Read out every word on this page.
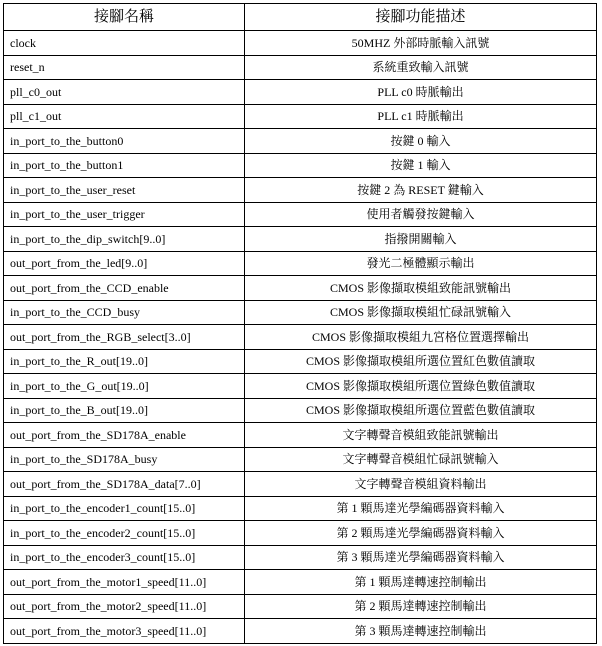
接腳名稱	接腳功能描述
clock	50MHZ 外部時脈輸入訊號
reset_n	系統重致輸入訊號
pll_c0_out	PLL c0 時脈輸出
pll_c1_out	PLL c1 時脈輸出
in_port_to_the_button0	按鍵 0 輸入
in_port_to_the_button1	按鍵 1 輸入
in_port_to_the_user_reset	按鍵 2 為 RESET 鍵輸入
in_port_to_the_user_trigger	使用者觸發按鍵輸入
in_port_to_the_dip_switch[9..0]	指撥開關輸入
out_port_from_the_led[9..0]	發光二極體顯示輸出
out_port_from_the_CCD_enable	CMOS 影像擷取模組致能訊號輸出
in_port_to_the_CCD_busy	CMOS 影像擷取模組忙碌訊號輸入
out_port_from_the_RGB_select[3..0]	CMOS 影像擷取模組九宮格位置選擇輸出
in_port_to_the_R_out[19..0]	CMOS 影像擷取模組所選位置紅色數值讀取
in_port_to_the_G_out[19..0]	CMOS 影像擷取模組所選位置綠色數值讀取
in_port_to_the_B_out[19..0]	CMOS 影像擷取模組所選位置藍色數值讀取
out_port_from_the_SD178A_enable	文字轉聲音模組致能訊號輸出
in_port_to_the_SD178A_busy	文字轉聲音模組忙碌訊號輸入
out_port_from_the_SD178A_data[7..0]	文字轉聲音模組資料輸出
in_port_to_the_encoder1_count[15..0]	第 1 顆馬達光學編碼器資料輸入
in_port_to_the_encoder2_count[15..0]	第 2 顆馬達光學編碼器資料輸入
in_port_to_the_encoder3_count[15..0]	第 3 顆馬達光學編碼器資料輸入
out_port_from_the_motor1_speed[11..0]	第 1 顆馬達轉速控制輸出
out_port_from_the_motor2_speed[11..0]	第 2 顆馬達轉速控制輸出
out_port_from_the_motor3_speed[11..0]	第 3 顆馬達轉速控制輸出
